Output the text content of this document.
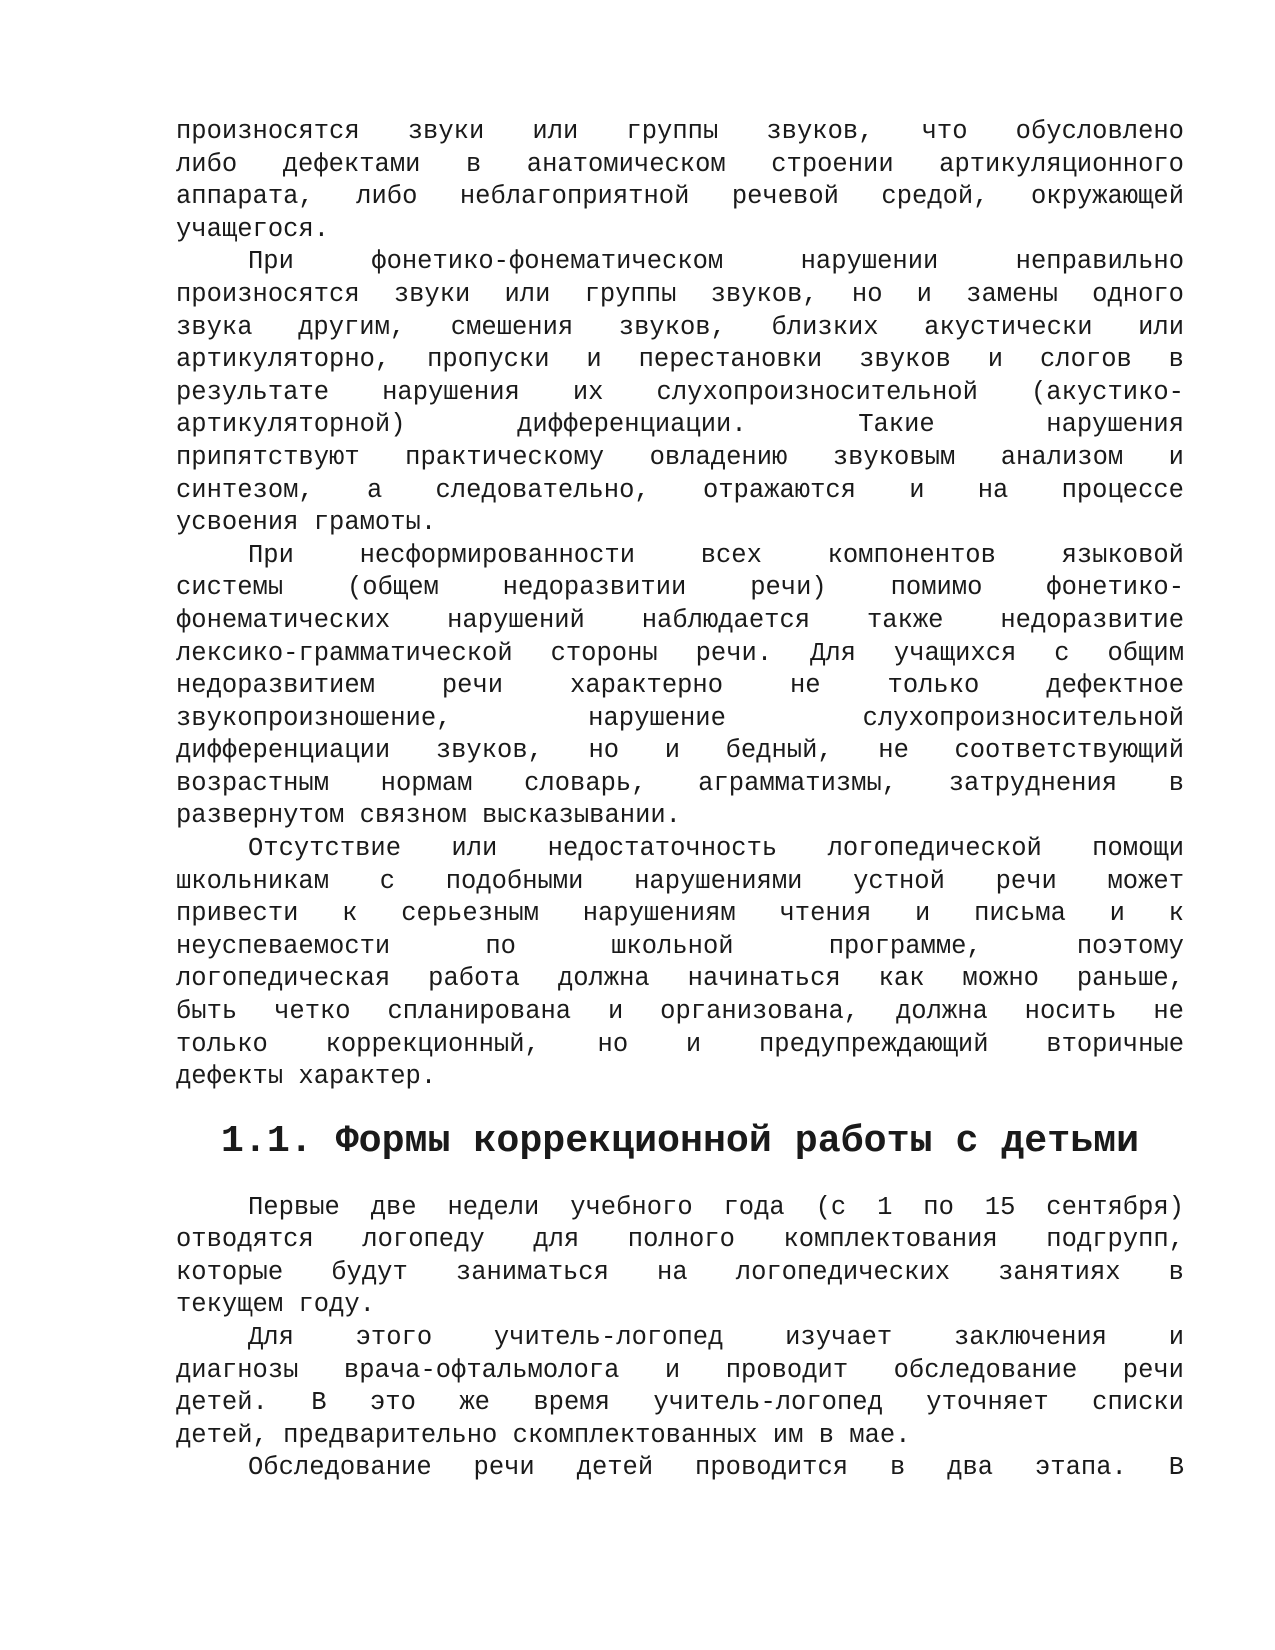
произносятся звуки или группы звуков, что обусловлено
либо дефектами в анатомическом строении артикуляционного
аппарата, либо неблагоприятной речевой средой, окружающей
учащегося.
При фонетико-фонематическом нарушении неправильно
произносятся звуки или группы звуков, но и замены одного
звука другим, смешения звуков, близких акустически или
артикуляторно, пропуски и перестановки звуков и слогов в
результате нарушения их слухопроизносительной (акустико-
артикуляторной) дифференциации. Такие нарушения
припятствуют практическому овладению звуковым анализом и
синтезом, а следовательно, отражаются и на процессе
усвоения грамоты.
При несформированности всех компонентов языковой
системы (общем недоразвитии речи) помимо фонетико-
фонематических нарушений наблюдается также недоразвитие
лексико-грамматической стороны речи. Для учащихся с общим
недоразвитием речи характерно не только дефектное
звукопроизношение, нарушение слухопроизносительной
дифференциации звуков, но и бедный, не соответствующий
возрастным нормам словарь, аграмматизмы, затруднения в
развернутом связном высказывании.
Отсутствие или недостаточность логопедической помощи
школьникам с подобными нарушениями устной речи может
привести к серьезным нарушениям чтения и письма и к
неуспеваемости по школьной программе, поэтому
логопедическая работа должна начинаться как можно раньше,
быть четко спланирована и организована, должна носить не
только коррекционный, но и предупреждающий вторичные
дефекты характер.
1.1. Формы коррекционной работы с детьми
Первые две недели учебного года (с 1 по 15 сентября)
отводятся логопеду для полного комплектования подгрупп,
которые будут заниматься на логопедических занятиях в
текущем году.
Для этого учитель-логопед изучает заключения и
диагнозы врача-офтальмолога и проводит обследование речи
детей. В это же время учитель-логопед уточняет списки
детей, предварительно скомплектованных им в мае.
Обследование речи детей проводится в два этапа. В
